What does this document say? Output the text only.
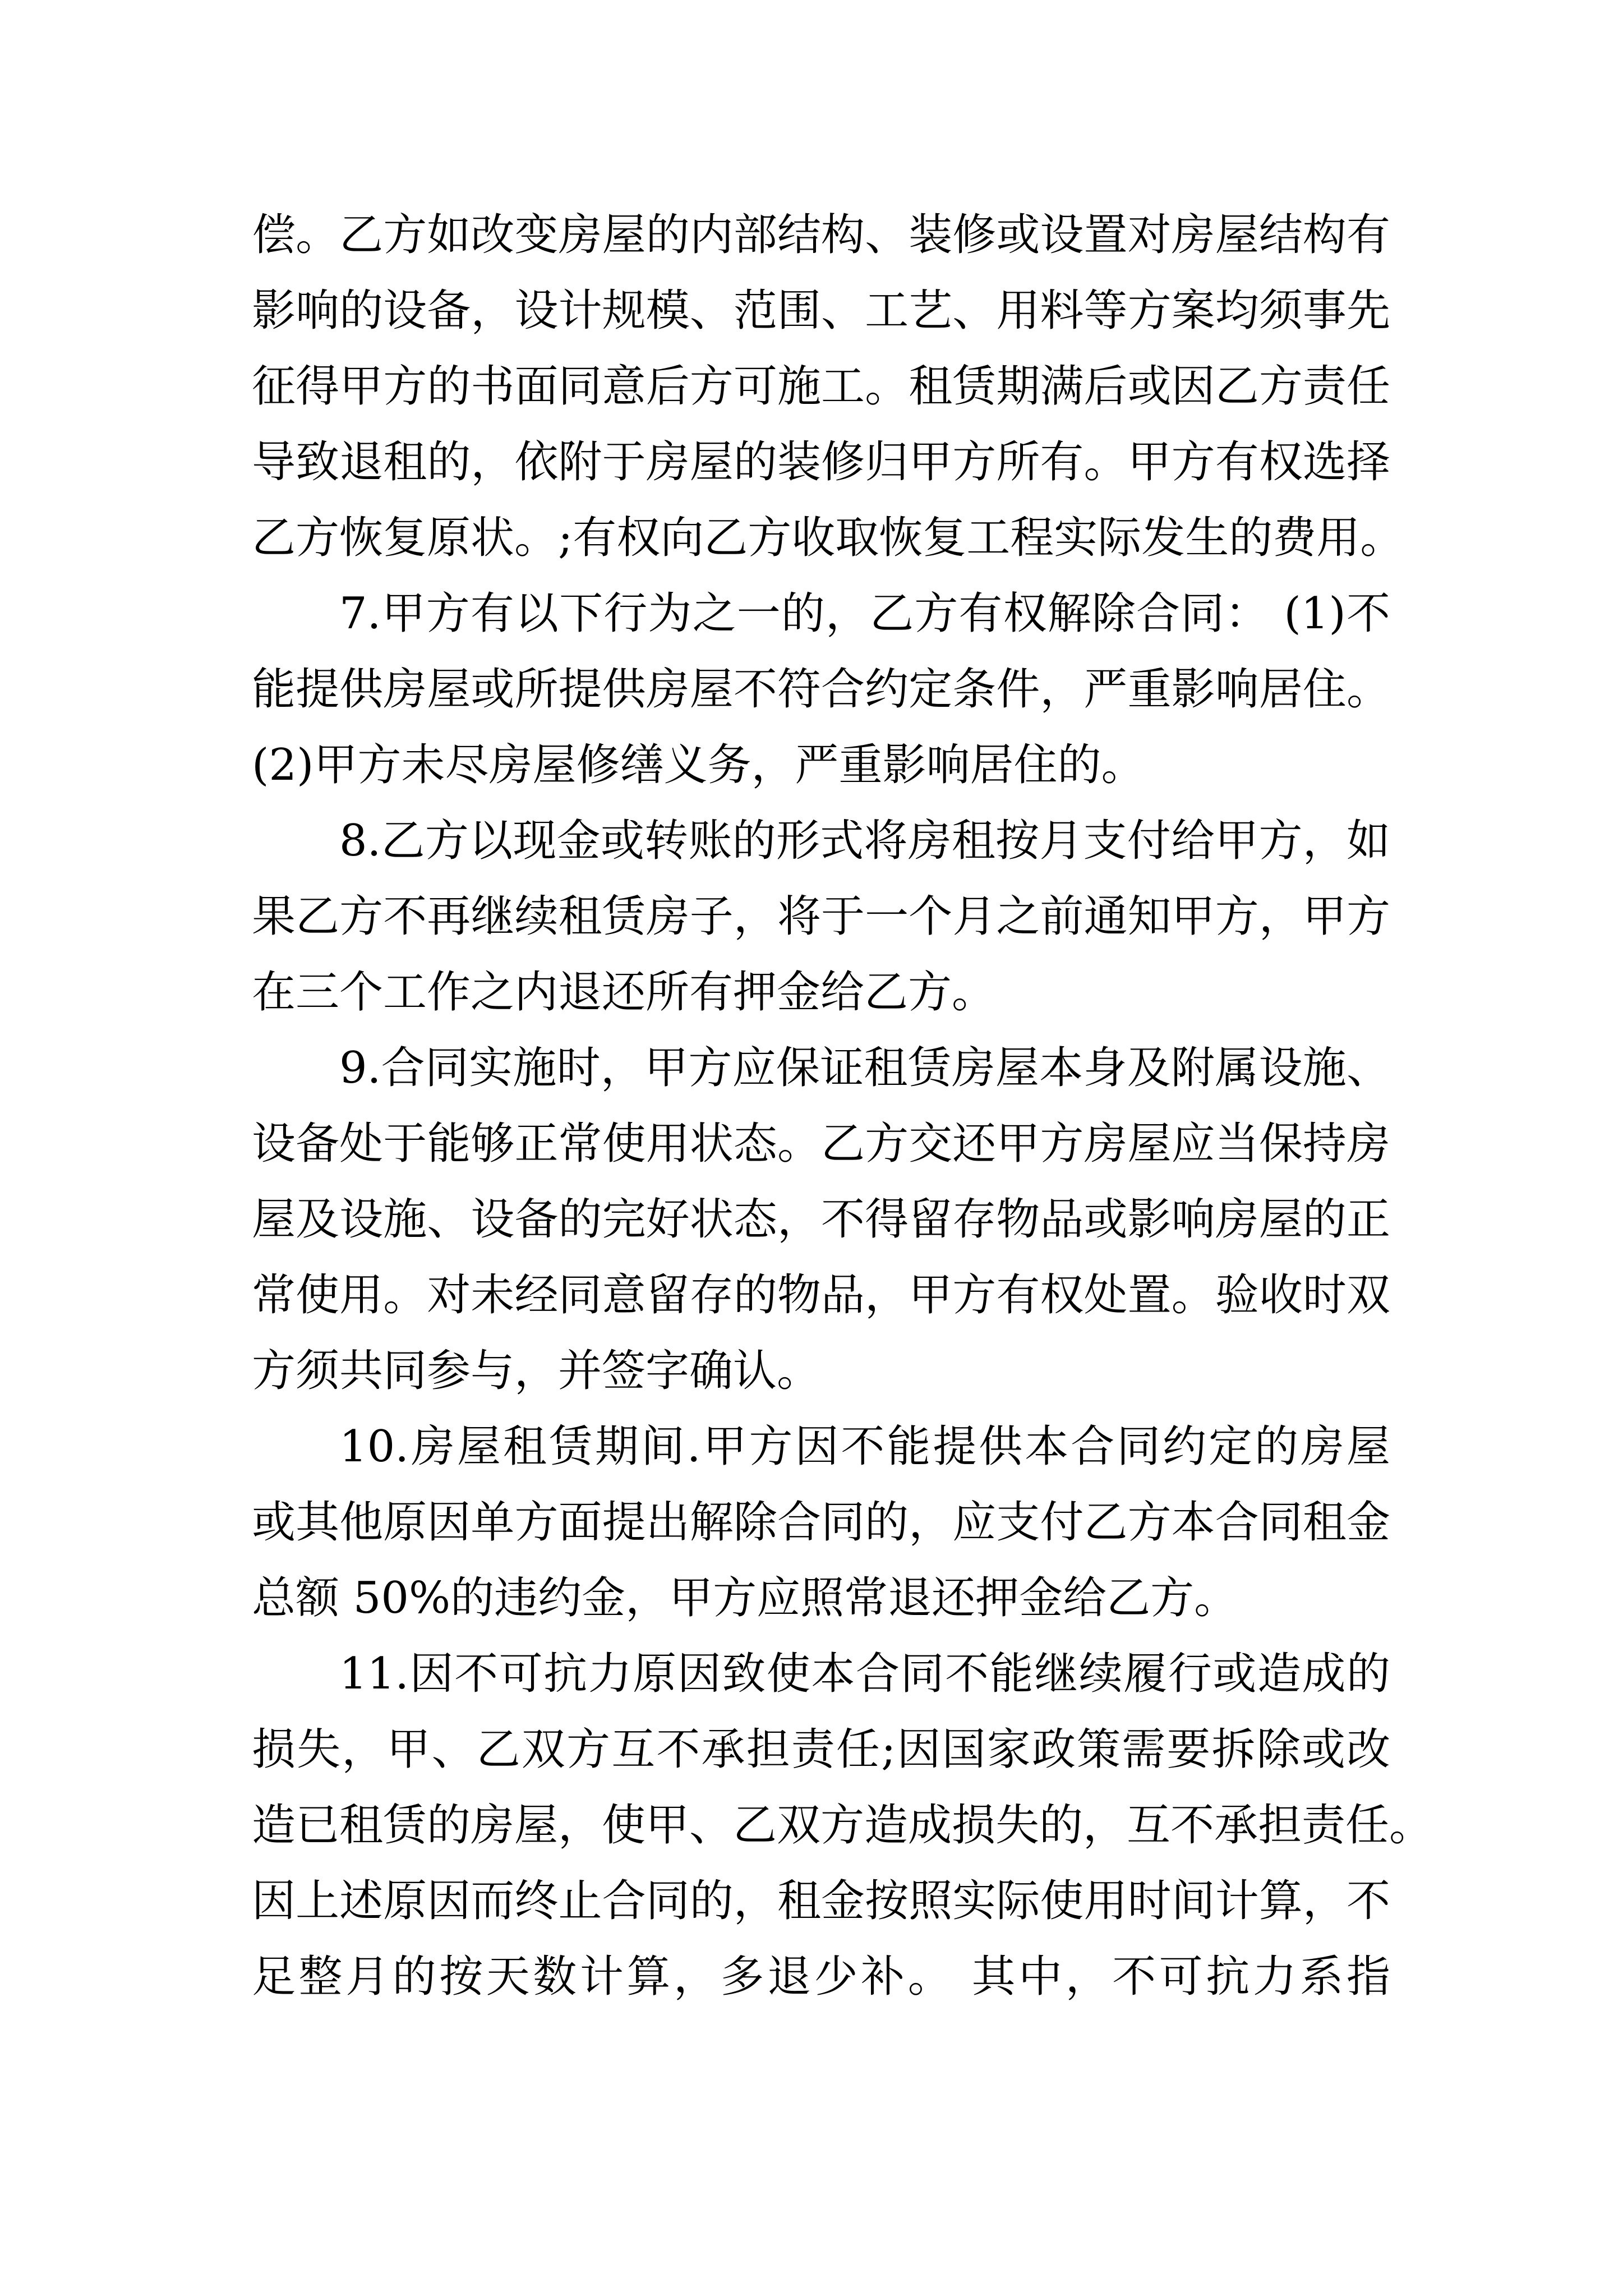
偿。乙方如改变房屋的内部结构、装修或设置对房屋结构有
影响的设备，设计规模、范围、工艺、用料等方案均须事先
征得甲方的书面同意后方可施工。租赁期满后或因乙方责任
导致退租的，依附于房屋的装修归甲方所有。甲方有权选择
乙方恢复原状。;有权向乙方收取恢复工程实际发生的费用。
7.甲方有以下行为之一的，乙方有权解除合同： (1)不
能提供房屋或所提供房屋不符合约定条件，严重影响居住。
(2)甲方未尽房屋修缮义务，严重影响居住的。
8.乙方以现金或转账的形式将房租按月支付给甲方，如
果乙方不再继续租赁房子，将于一个月之前通知甲方，甲方
在三个工作之内退还所有押金给乙方。
9.合同实施时，甲方应保证租赁房屋本身及附属设施、
设备处于能够正常使用状态。乙方交还甲方房屋应当保持房
屋及设施、设备的完好状态，不得留存物品或影响房屋的正
常使用。对未经同意留存的物品，甲方有权处置。验收时双
方须共同参与，并签字确认。
10.房屋租赁期间.甲方因不能提供本合同约定的房屋
或其他原因单方面提出解除合同的，应支付乙方本合同租金
总额 50%的违约金，甲方应照常退还押金给乙方。
11.因不可抗力原因致使本合同不能继续履行或造成的
损失，甲、乙双方互不承担责任;因国家政策需要拆除或改
造已租赁的房屋，使甲、乙双方造成损失的，互不承担责任。
因上述原因而终止合同的，租金按照实际使用时间计算，不
足整月的按天数计算，多退少补。 其中，不可抗力系指
